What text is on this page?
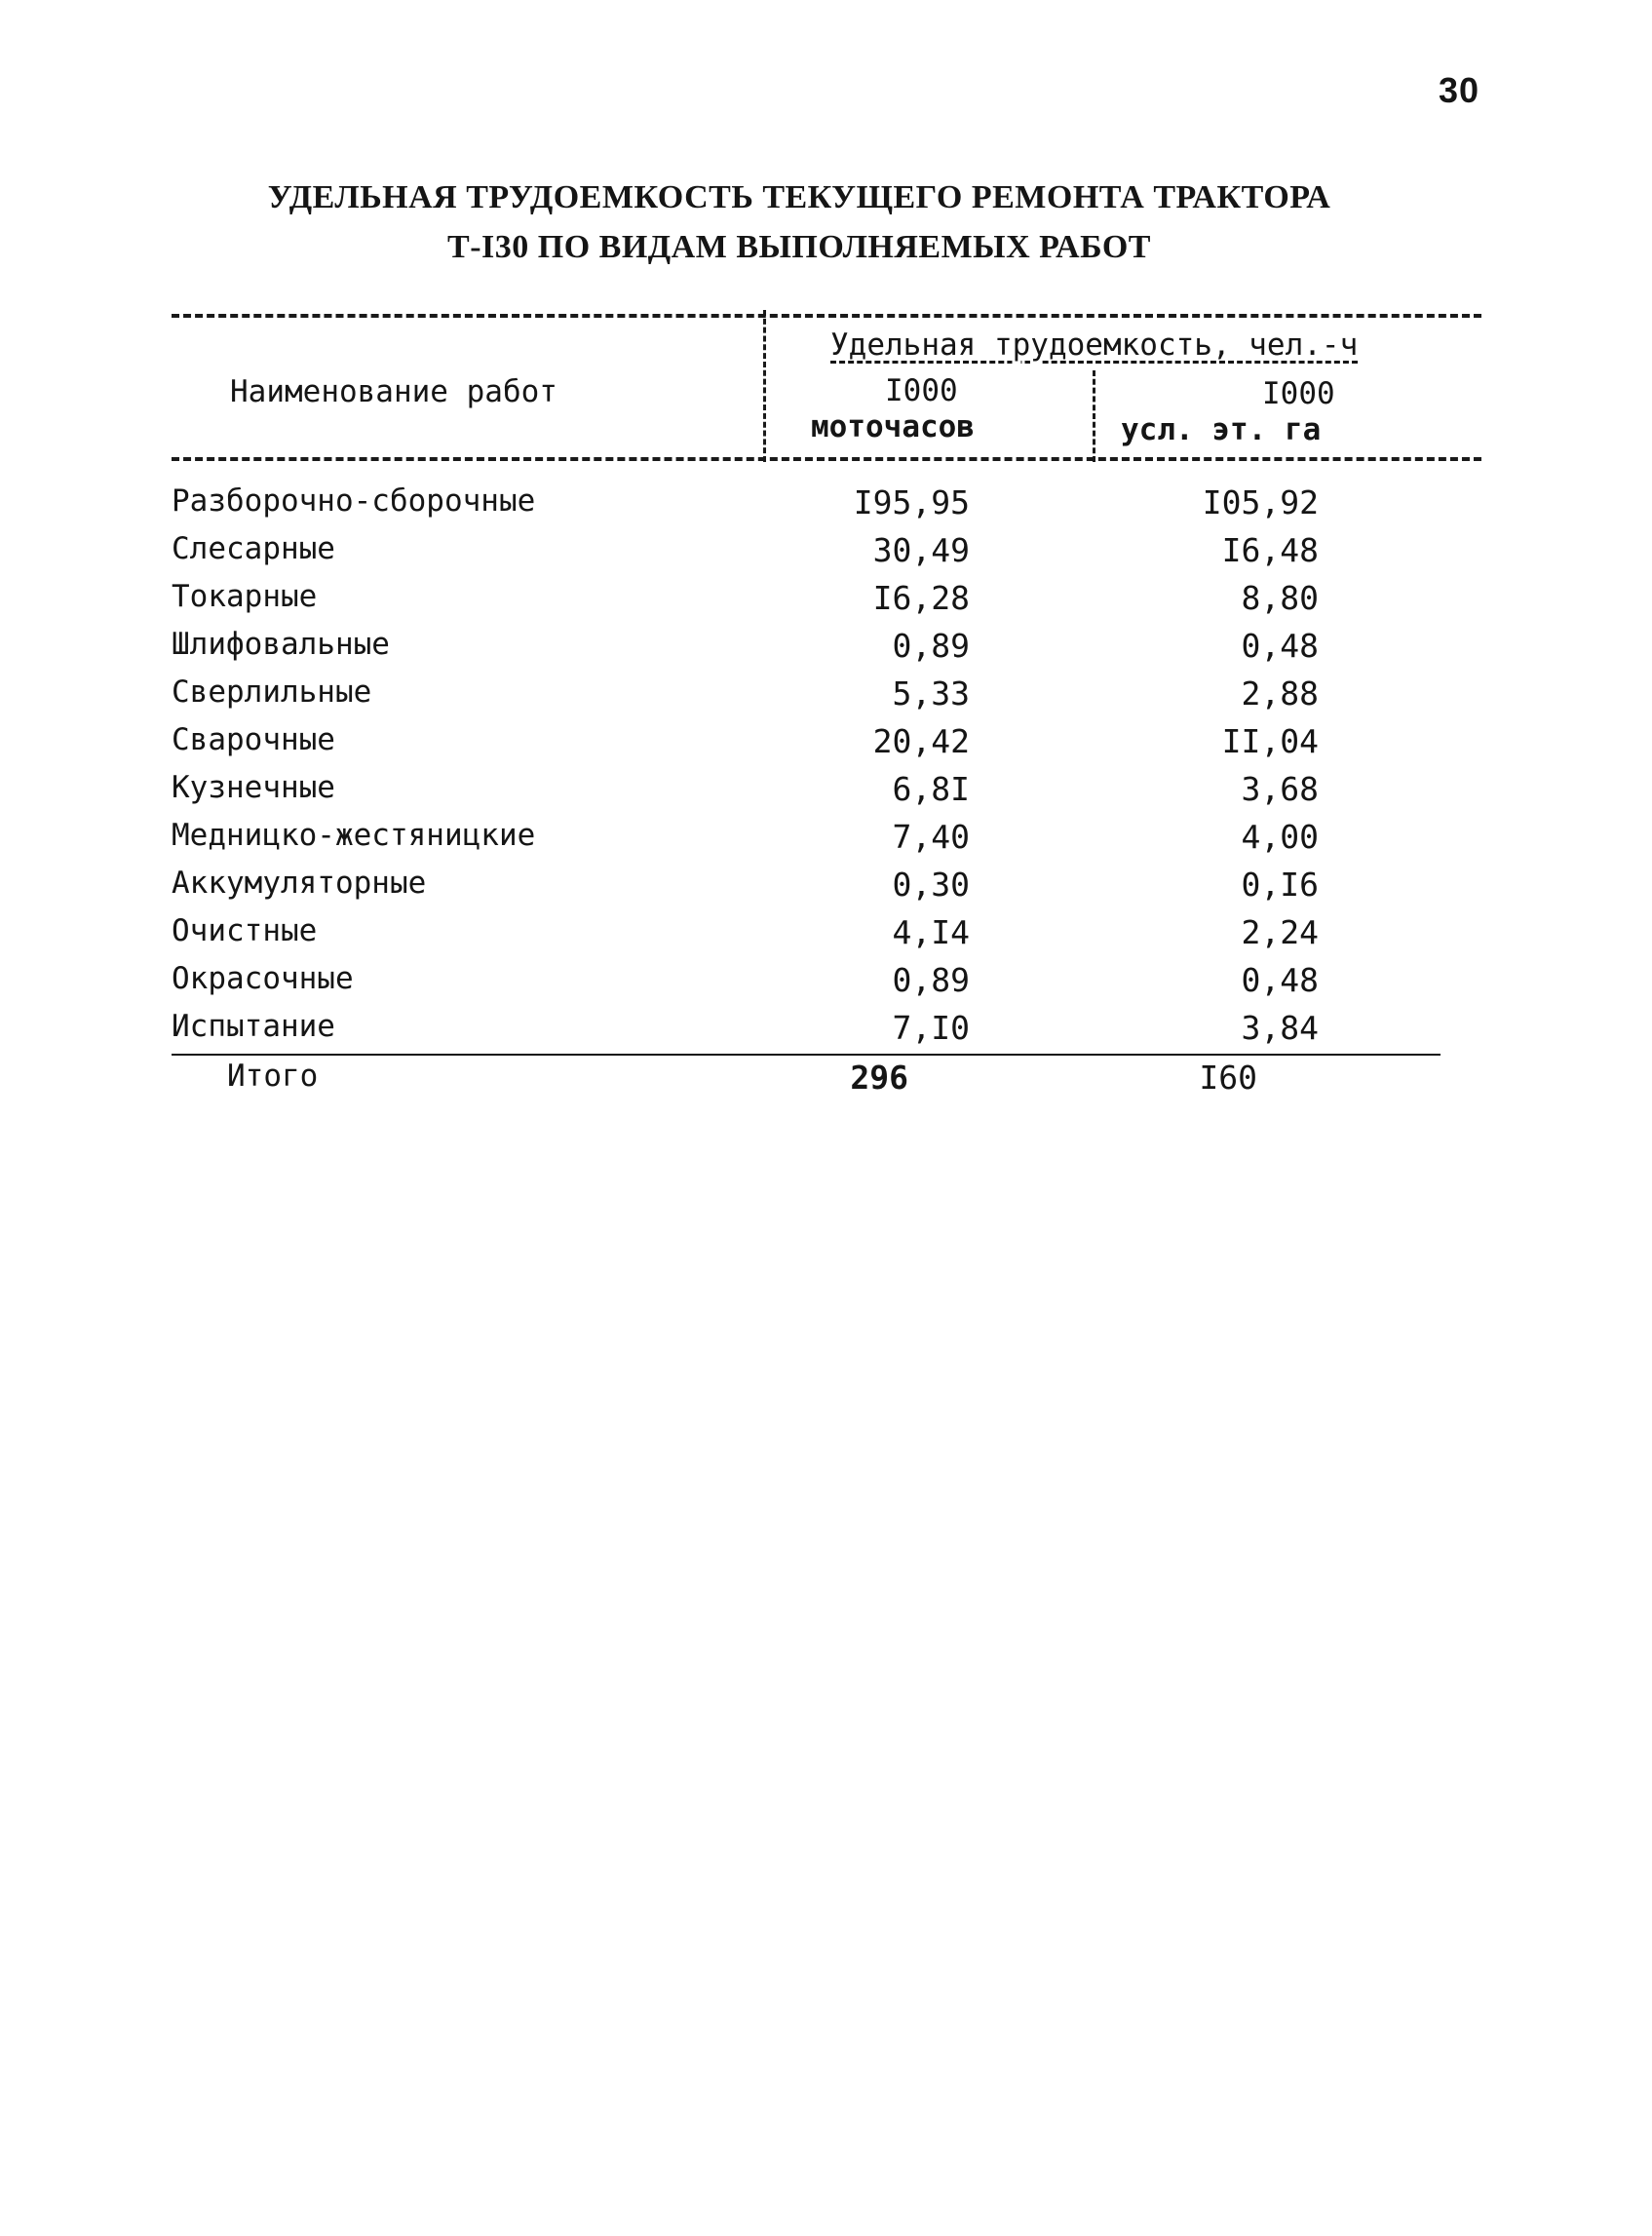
30
УДЕЛЬНАЯ ТРУДОЕМКОСТЬ ТЕКУЩЕГО РЕМОНТА ТРАКТОРА
Т-I30 ПО ВИДАМ ВЫПОЛНЯЕМЫХ РАБОТ
Наименование работ
Удельная трудоемкость, чел.-ч
I000
моточасов
I000
усл. эт. га
Разборочно-сборочные	I95,95	I05,92
Слесарные	30,49	I6,48
Токарные	I6,28	8,80
Шлифовальные	0,89	0,48
Сверлильные	5,33	2,88
Сварочные	20,42	II,04
Кузнечные	6,8I	3,68
Медницко-жестяницкие	7,40	4,00
Аккумуляторные	0,30	0,I6
Очистные	4,I4	2,24
Окрасочные	0,89	0,48
Испытание	7,I0	3,84
Итого	296	I60
